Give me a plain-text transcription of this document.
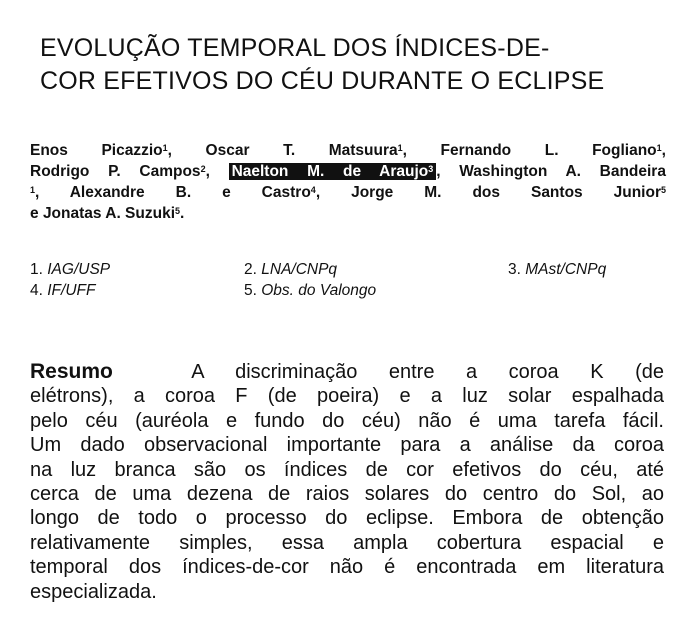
EVOLUÇÃO TEMPORAL DOS ÍNDICES-DE-
COR EFETIVOS DO CÉU DURANTE O ECLIPSE
Enos Picazzio$^1$, Oscar T. Matsuura$^1$, Fernando L. Fogliano$^1$,
Rodrigo P. Campos$^2$, Naelton M. de Araujo$^3$ , Washington A. Bandeira
$^1$, Alexandre B. e Castro$^4$, Jorge M. dos Santos Junior$^5$
e Jonatas A. Suzuki$^5$.
1. IAG/USP	2. LNA/CNPq	3. MAst/CNPq
4. IF/UFF	5. Obs. do Valongo
Resumo	A discriminação entre a coroa K (de
elétrons), a coroa F (de poeira) e a luz solar espalhada
pelo céu (auréola e fundo do céu) não é uma tarefa fácil.
Um dado observacional importante para a análise da coroa
na luz branca são os índices de cor efetivos do céu, até
cerca de uma dezena de raios solares do centro do Sol, ao
longo de todo o processo do eclipse. Embora de obtenção
relativamente simples, essa ampla cobertura espacial e
temporal dos índices-de-cor não é encontrada em literatura
especializada.
